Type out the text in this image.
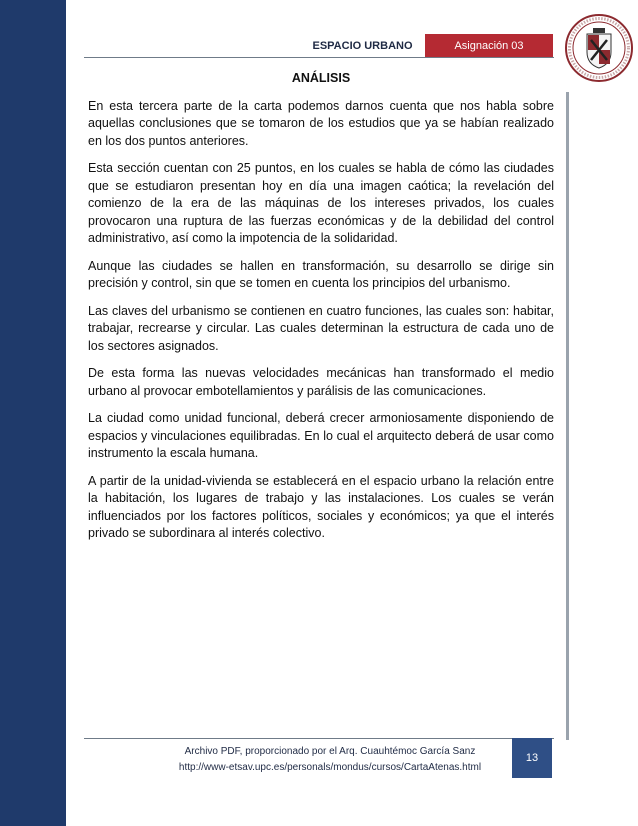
ESPACIO URBANO	Asignación 03
ANÁLISIS

En esta tercera parte de la carta podemos darnos cuenta que nos habla sobre aquellas conclusiones que se tomaron de los estudios que ya se habían realizado en los dos puntos anteriores.

Esta sección cuentan con 25 puntos, en los cuales se habla de cómo las ciudades que se estudiaron presentan hoy en día una imagen caótica; la revelación del comienzo de la era de las máquinas de los intereses privados, los cuales provocaron una ruptura de las fuerzas económicas y de la debilidad del control administrativo, así como la impotencia de la solidaridad.

Aunque las ciudades se hallen en transformación, su desarrollo se dirige sin precisión y control, sin que se tomen en cuenta los principios del urbanismo.

Las claves del urbanismo se contienen en cuatro funciones, las cuales son: habitar, trabajar, recrearse y circular. Las cuales determinan la estructura de cada uno de los sectores asignados.

De esta forma las nuevas velocidades mecánicas han transformado el medio urbano al provocar embotellamientos y parálisis de las comunicaciones.

La ciudad como unidad funcional, deberá crecer armoniosamente disponiendo de espacios y vinculaciones equilibradas. En lo cual el arquitecto deberá de usar como instrumento la escala humana.

A partir de la unidad-vivienda se establecerá en el espacio urbano la relación entre la habitación, los lugares de trabajo y las instalaciones. Los cuales se verán influenciados por los factores políticos, sociales y económicos; ya que el interés privado se subordinara al interés colectivo.

Archivo PDF, proporcionado por el Arq. Cuauhtémoc García Sanz
http://www-etsav.upc.es/personals/mondus/cursos/CartaAtenas.html
13
